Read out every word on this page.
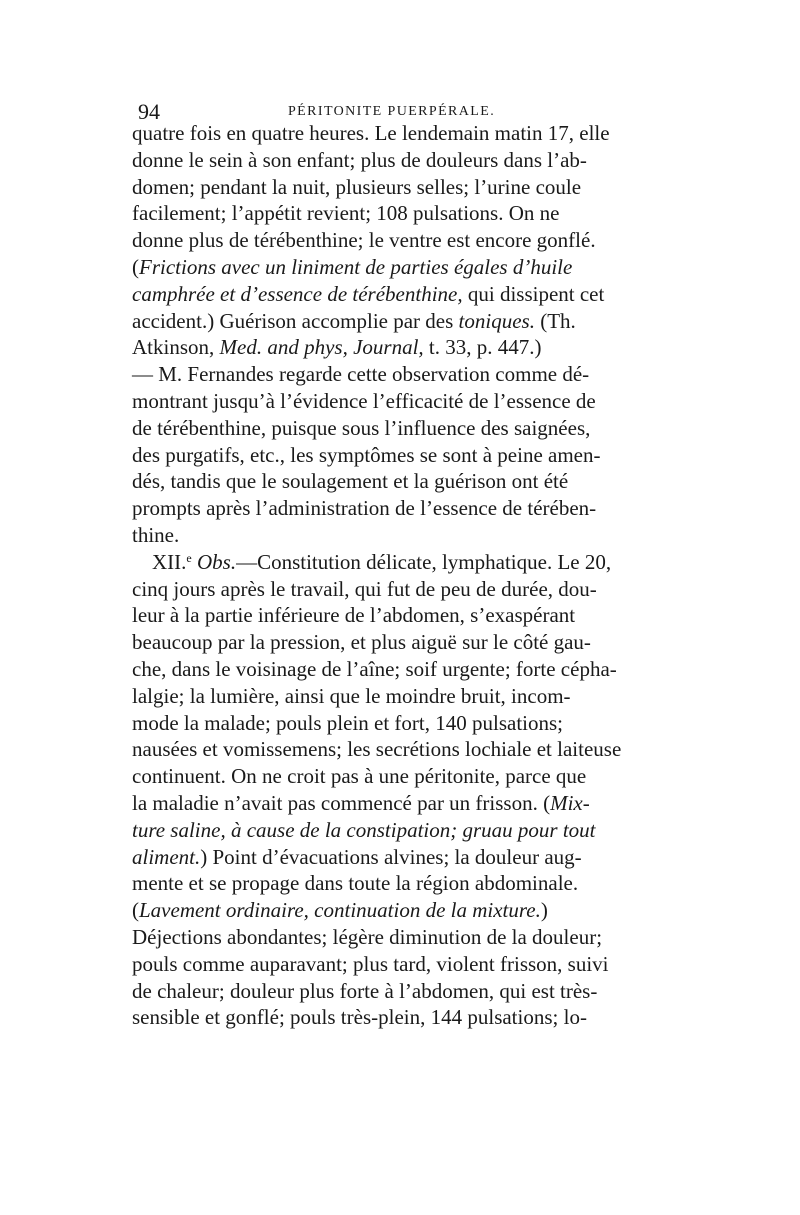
94	PÉRITONITE PUERPÉRALE.
quatre fois en quatre heures. Le lendemain matin 17, elle
donne le sein à son enfant; plus de douleurs dans l’ab-
domen; pendant la nuit, plusieurs selles; l’urine coule
facilement; l’appétit revient; 108 pulsations. On ne
donne plus de térébenthine; le ventre est encore gonflé.
(Frictions avec un liniment de parties égales d’huile
camphrée et d’essence de térébenthine, qui dissipent cet
accident.) Guérison accomplie par des toniques. (Th.
Atkinson, Med. and phys, Journal, t. 33, p. 447.)
— M. Fernandes regarde cette observation comme dé-
montrant jusqu’à l’évidence l’efficacité de l’essence de
de térébenthine, puisque sous l’influence des saignées,
des purgatifs, etc., les symptômes se sont à peine amen-
dés, tandis que le soulagement et la guérison ont été
prompts après l’administration de l’essence de térében-
thine.
XII.$^e$ Obs.—Constitution délicate, lymphatique. Le 20,
cinq jours après le travail, qui fut de peu de durée, dou-
leur à la partie inférieure de l’abdomen, s’exaspérant
beaucoup par la pression, et plus aiguë sur le côté gau-
che, dans le voisinage de l’aîne; soif urgente; forte cépha-
lalgie; la lumière, ainsi que le moindre bruit, incom-
mode la malade; pouls plein et fort, 140 pulsations;
nausées et vomissemens; les secrétions lochiale et laiteuse
continuent. On ne croit pas à une péritonite, parce que
la maladie n’avait pas commencé par un frisson. (Mix-
ture saline, à cause de la constipation; gruau pour tout
aliment.) Point d’évacuations alvines; la douleur aug-
mente et se propage dans toute la région abdominale.
(Lavement ordinaire, continuation de la mixture.)
Déjections abondantes; légère diminution de la douleur;
pouls comme auparavant; plus tard, violent frisson, suivi
de chaleur; douleur plus forte à l’abdomen, qui est très-
sensible et gonflé; pouls très-plein, 144 pulsations; lo-
